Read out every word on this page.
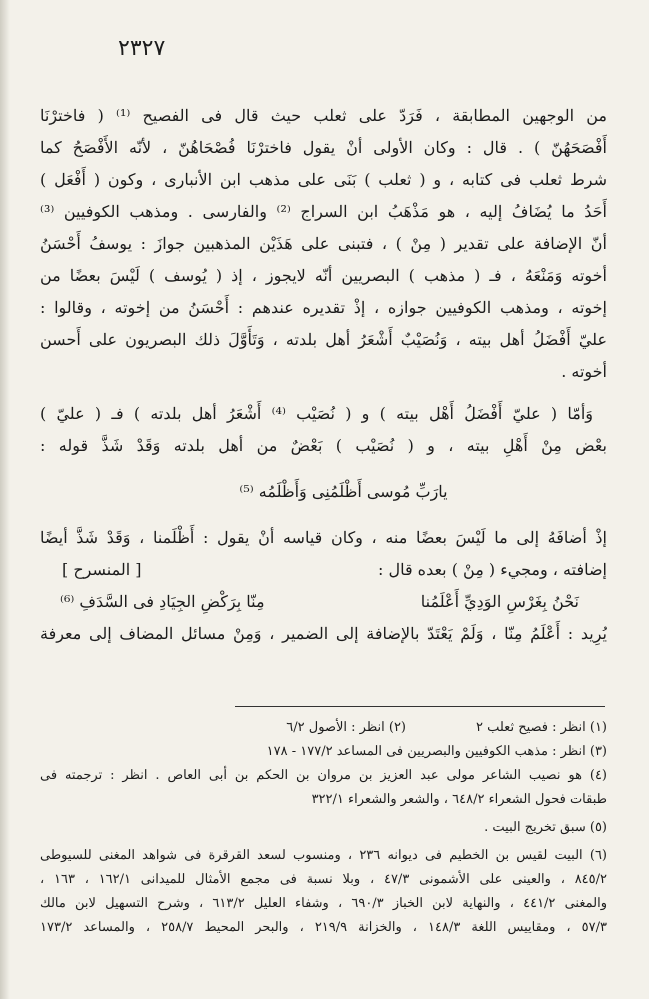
٢٣٢٧
من الوجهين المطابقة ، فَرَدّ على ثعلب حيث قال فى الفصيح ⁽¹⁾ ( فاخترْنَا
أَفْصَحَهُنّ ) . قال : وكان الأولى أنْ يقول فاخترْنَا فُصْحَاهُنّ ، لأنّه الأَفْصَحُ كما
شرط ثعلب فى كتابه ، و ( ثعلب ) بَنَى على مذهب ابن الأنبارى ، وكون ( أَفْعَل )
أَحَدُ ما يُضَافُ إليه ، هو مَذْهَبُ ابن السراج ⁽²⁾ والفارسى . ومذهب الكوفيين ⁽³⁾
أنّ الإضافة على تقدير ( مِنْ ) ، فتبنى على هَذَيْن المذهبين جوازَ : يوسفُ أَحْسَنُ
أخوته وَمَنْعَهُ ، فـ ( مذهب ) البصريين أنّه لايجوز ، إذ ( يُوسف ) لَيْسَ بعضًا من
إخوته ، ومذهب الكوفيين جوازه ، إذْ تقديره عندهم : أَحْسَنُ من إخوته ، وقالوا :
عليّ أَفْضَلُ أهل بيته ، وَنُصَيْبٌ أَشْعَرُ أهل بلدته ، وَتَأَوَّلَ ذلك البصريون على أَحسن
أخوته .
وَأمّا ( عليّ أَفْضَلُ أَهْل بيته ) و ( نُصَيْب ⁽⁴⁾ أَشْعَرُ أهل بلدته ) فـ ( عليّ )
بعْض مِنْ أَهْلِ بيته ، و ( نُصَيْب ) بَعْضٌ من أهل بلدته وَقَدْ شَذَّ قوله :
يارَبِّ مُوسى أَظْلَمُنِى وَأَظْلَمُه ⁽⁵⁾
إذْ أضافَهُ إلى ما لَيْسَ بعضًا منه ، وكان قياسه أنْ يقول : أَظْلَمنا ، وَقَدْ شَذَّ أيضًا
إضافته ، ومجيء ( مِنْ ) بعده قال :
[ المنسرح ]
نَحْنُ بِغَرْسِ الوَدِيِّ أَعْلَمُنا
مِنّا بِرَكْضِ الجِيَادِ فى السَّدَفِ ⁽⁶⁾
يُرِيد : أَعْلَمُ مِنّا ، وَلَمْ يَعْتَدّ بالإضافة إلى الضمير ، وَمِنْ مسائل المضاف إلى معرفة
(١) انظر : فصيح ثعلب ٢
(٢) انظر : الأصول ٦/٢
(٣) انظر : مذهب الكوفيين والبصريين فى المساعد ١٧٧/٢ - ١٧٨
(٤) هو نصيب الشاعر مولى عبد العزيز بن مروان بن الحكم بن أبى العاص . انظر : ترجمته فى
طبقات فحول الشعراء ٦٤٨/٢ ، والشعر والشعراء ٣٢٢/١
(٥) سبق تخريج البيت .
(٦) البيت لقيس بن الخطيم فى ديوانه ٢٣٦ ، ومنسوب لسعد القرقرة فى شواهد المغنى للسيوطى
٨٤٥/٢ ، والعينى على الأشمونى ٤٧/٣ ، وبلا نسبة فى مجمع الأمثال للميدانى ١٦٢/١ ، ١٦٣ ،
والمغنى ٤٤١/٢ ، والنهاية لابن الخباز ٦٩٠/٣ ، وشفاء العليل ٦١٣/٢ ، وشرح التسهيل لابن مالك
٥٧/٣ ، ومقاييس اللغة ١٤٨/٣ ، والخزانة ٢١٩/٩ ، والبحر المحيط ٢٥٨/٧ ، والمساعد ١٧٣/٢
